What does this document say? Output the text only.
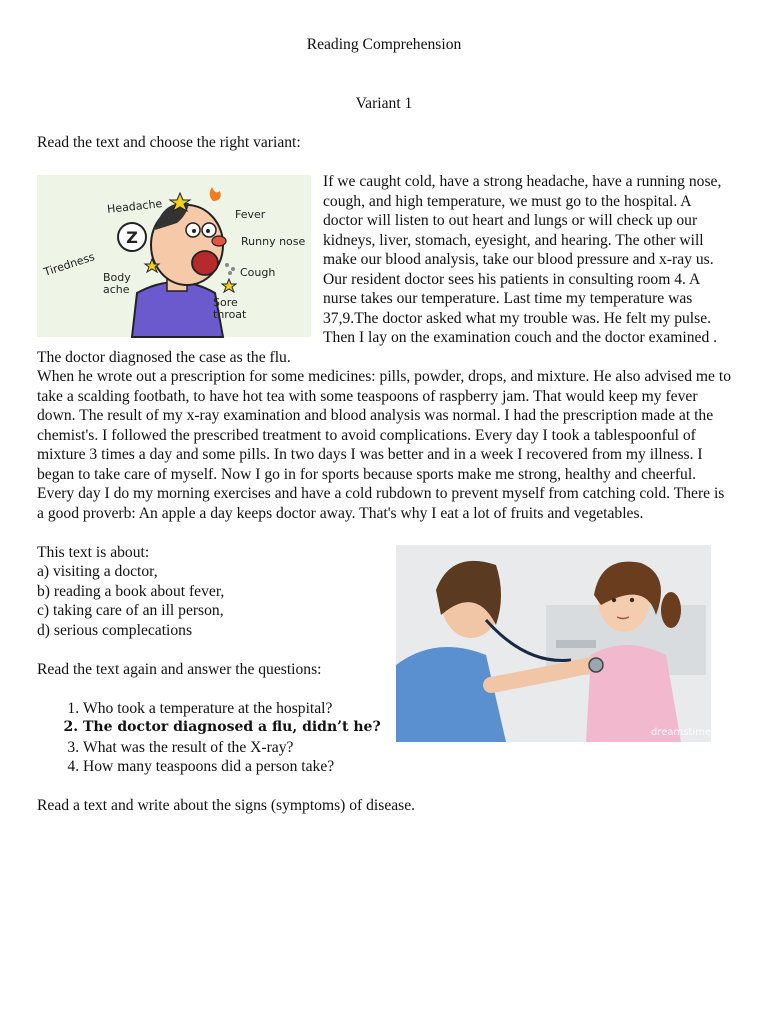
Reading Comprehension
Variant 1
Read the text and choose the right variant:
Z
Headache	Fever
Runny nose
Cough
Sore throat
Body ache
Tiredness

If we caught cold, have a strong headache, have a running nose, cough, and high temperature, we must go to the hospital. A doctor will listen to out heart and lungs or will check up our kidneys, liver, stomach, eyesight, and hearing. The other will make our blood analysis, take our blood pressure and x-ray us.

Our resident doctor sees his patients in consulting room 4. A nurse takes our temperature. Last time my temperature was 37,9.The doctor asked what my trouble was. He felt my pulse. Then I lay on the examination couch and the doctor examined . The doctor diagnosed the case as the flu.

When he wrote out a prescription for some medicines: pills, powder, drops, and mixture. He also advised me to take a scalding footbath, to have hot tea with some teaspoons of raspberry jam. That would keep my fever down. The result of my x-ray examination and blood analysis was normal. I had the prescription made at the chemist's. I followed the prescribed treatment to avoid complications. Every day I took a tablespoonful of mixture 3 times a day and some pills. In two days I was better and in a week I recovered from my illness. I began to take care of myself. Now I go in for sports because sports make me strong, healthy and cheerful. Every day I do my morning exercises and have a cold rubdown to prevent myself from catching cold. There is a good proverb: An apple a day keeps doctor away. That's why I eat a lot of fruits and vegetables.

dreamstime.com

This text is about:

a) visiting a doctor,

b) reading a book about fever,

c) taking care of an ill person,

d) serious complecations

Read the text again and answer the questions:

1. Who took a temperature at the hospital?
2. The doctor diagnosed a flu, didn’t he?
3. What was the result of the X-ray?
4. How many teaspoons did a person take?

Read a text and write about the signs (symptoms) of disease.
